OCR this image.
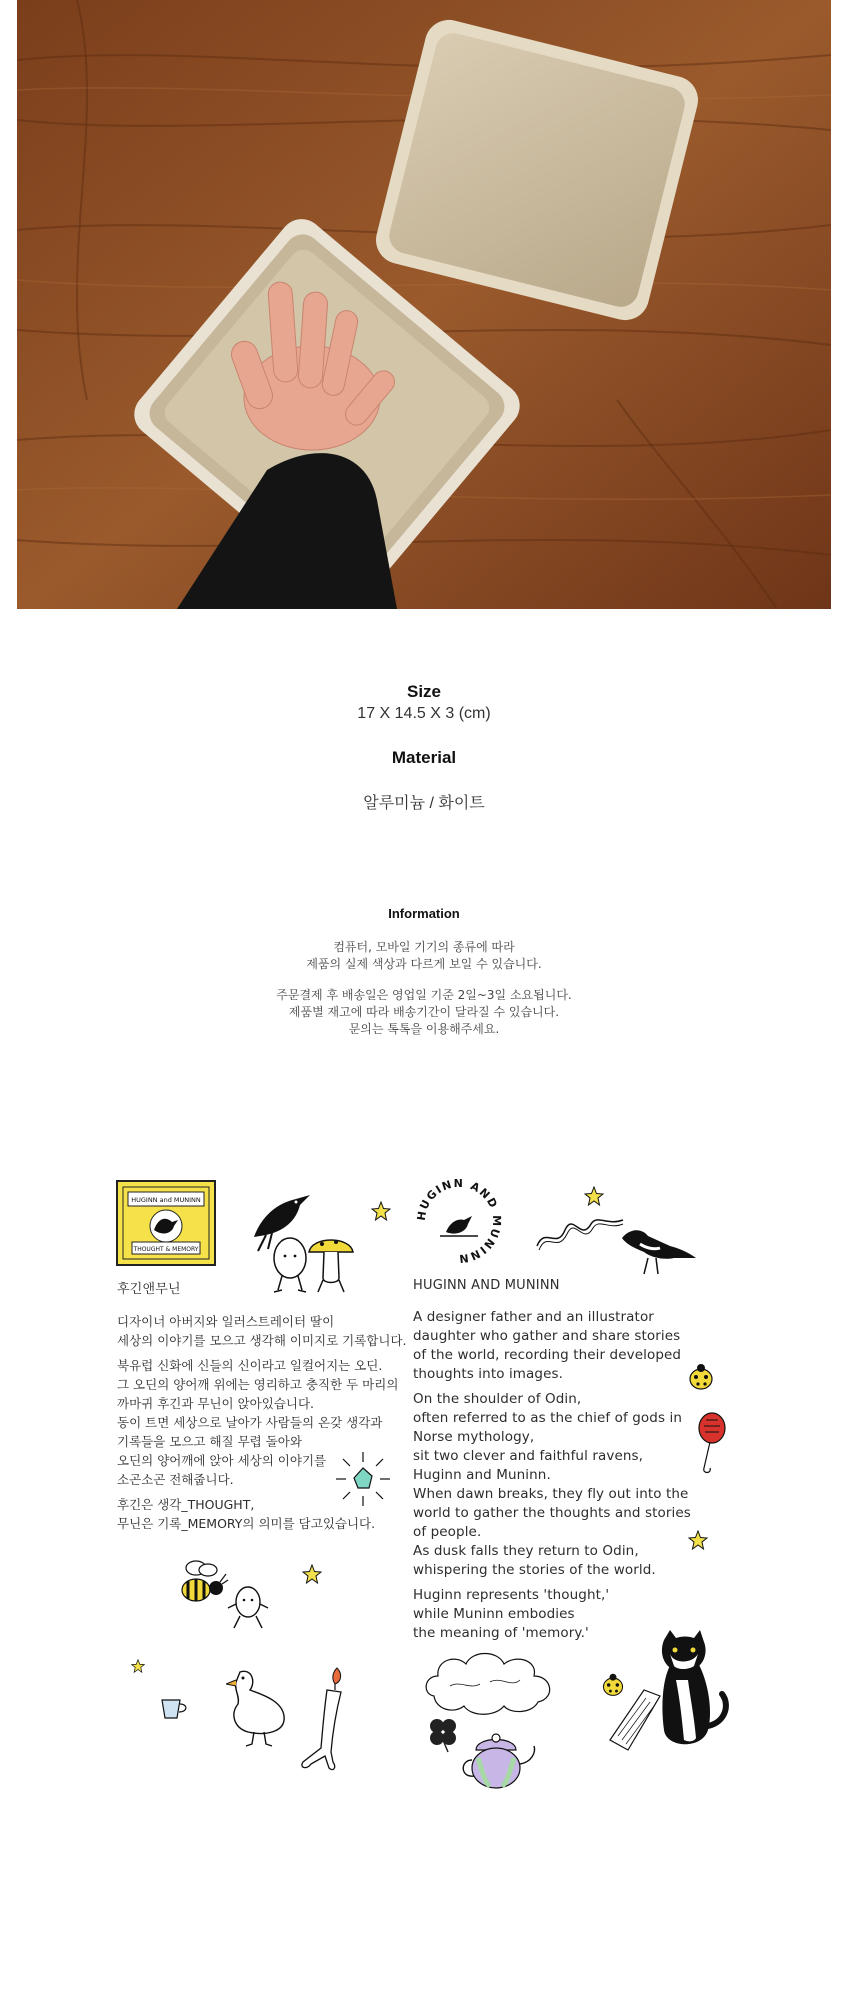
Size
17 X 14.5 X 3 (cm)
Material
알루미늄 / 화이트
Information
컴퓨터, 모바일 기기의 종류에 따라
제품의 실제 색상과 다르게 보일 수 있습니다.
주문결제 후 배송일은 영업일 기준 2일~3일 소요됩니다.
제품별 재고에 따라 배송기간이 달라질 수 있습니다.
문의는 톡톡을 이용해주세요.
HUGINN and MUNINN
THOUGHT & MEMORY
HUGINN AND MUNINN
후긴앤무닌
디자이너 아버지와 일러스트레이터 딸이
세상의 이야기를 모으고 생각해 이미지로 기록합니다.
북유럽 신화에 신들의 신이라고 일컬어지는 오딘.
그 오딘의 양어깨 위에는 영리하고 충직한 두 마리의
까마귀 후긴과 무닌이 앉아있습니다.
동이 트면 세상으로 날아가 사람들의 온갖 생각과
기록들을 모으고 해질 무렵 돌아와
오딘의 양어깨에 앉아 세상의 이야기를
소곤소곤 전해줍니다.
후긴은 생각_THOUGHT,
무닌은 기록_MEMORY의 의미를 담고있습니다.
HUGINN AND MUNINN
A designer father and an illustrator
daughter who gather and share stories
of the world, recording their developed
thoughts into images.
On the shoulder of Odin,
often referred to as the chief of gods in
Norse mythology,
sit two clever and faithful ravens,
Huginn and Muninn.
When dawn breaks, they fly out into the
world to gather the thoughts and stories
of people.
As dusk falls they return to Odin,
whispering the stories of the world.
Huginn represents 'thought,'
while Muninn embodies
the meaning of 'memory.'
